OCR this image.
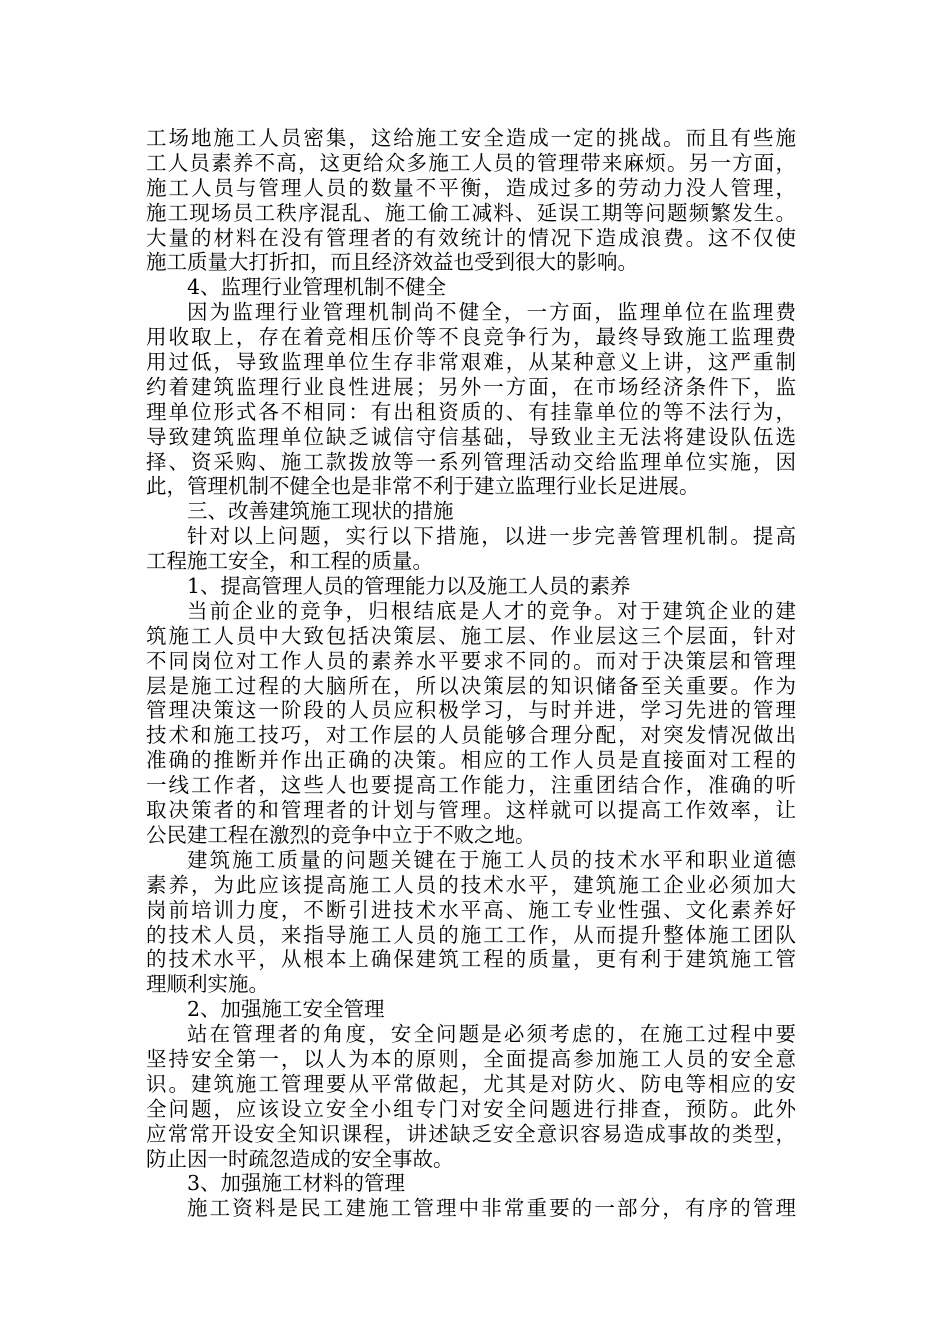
工场地施工人员密集，这给施工安全造成一定的挑战。而且有些施
工人员素养不高，这更给众多施工人员的管理带来麻烦。另一方面，
施工人员与管理人员的数量不平衡，造成过多的劳动力没人管理，
施工现场员工秩序混乱、施工偷工减料、延误工期等问题频繁发生。
大量的材料在没有管理者的有效统计的情况下造成浪费。这不仅使
施工质量大打折扣，而且经济效益也受到很大的影响。
4、监理行业管理机制不健全
因为监理行业管理机制尚不健全，一方面，监理单位在监理费
用收取上，存在着竞相压价等不良竞争行为，最终导致施工监理费
用过低，导致监理单位生存非常艰难，从某种意义上讲，这严重制
约着建筑监理行业良性进展；另外一方面，在市场经济条件下，监
理单位形式各不相同：有出租资质的、有挂靠单位的等不法行为，
导致建筑监理单位缺乏诚信守信基础，导致业主无法将建设队伍选
择、资采购、施工款拨放等一系列管理活动交给监理单位实施，因
此，管理机制不健全也是非常不利于建立监理行业长足进展。
三、改善建筑施工现状的措施
针对以上问题，实行以下措施，以进一步完善管理机制。提高
工程施工安全，和工程的质量。
1、提高管理人员的管理能力以及施工人员的素养
当前企业的竞争，归根结底是人才的竞争。对于建筑企业的建
筑施工人员中大致包括决策层、施工层、作业层这三个层面，针对
不同岗位对工作人员的素养水平要求不同的。而对于决策层和管理
层是施工过程的大脑所在，所以决策层的知识储备至关重要。作为
管理决策这一阶段的人员应积极学习，与时并进，学习先进的管理
技术和施工技巧，对工作层的人员能够合理分配，对突发情况做出
准确的推断并作出正确的决策。相应的工作人员是直接面对工程的
一线工作者，这些人也要提高工作能力，注重团结合作，准确的听
取决策者的和管理者的计划与管理。这样就可以提高工作效率，让
公民建工程在激烈的竞争中立于不败之地。
建筑施工质量的问题关键在于施工人员的技术水平和职业道德
素养，为此应该提高施工人员的技术水平，建筑施工企业必须加大
岗前培训力度，不断引进技术水平高、施工专业性强、文化素养好
的技术人员，来指导施工人员的施工工作，从而提升整体施工团队
的技术水平，从根本上确保建筑工程的质量，更有利于建筑施工管
理顺利实施。
2、加强施工安全管理
站在管理者的角度，安全问题是必须考虑的，在施工过程中要
坚持安全第一，以人为本的原则，全面提高参加施工人员的安全意
识。建筑施工管理要从平常做起，尤其是对防火、防电等相应的安
全问题，应该设立安全小组专门对安全问题进行排查，预防。此外
应常常开设安全知识课程，讲述缺乏安全意识容易造成事故的类型，
防止因一时疏忽造成的安全事故。
3、加强施工材料的管理
施工资料是民工建施工管理中非常重要的一部分，有序的管理
